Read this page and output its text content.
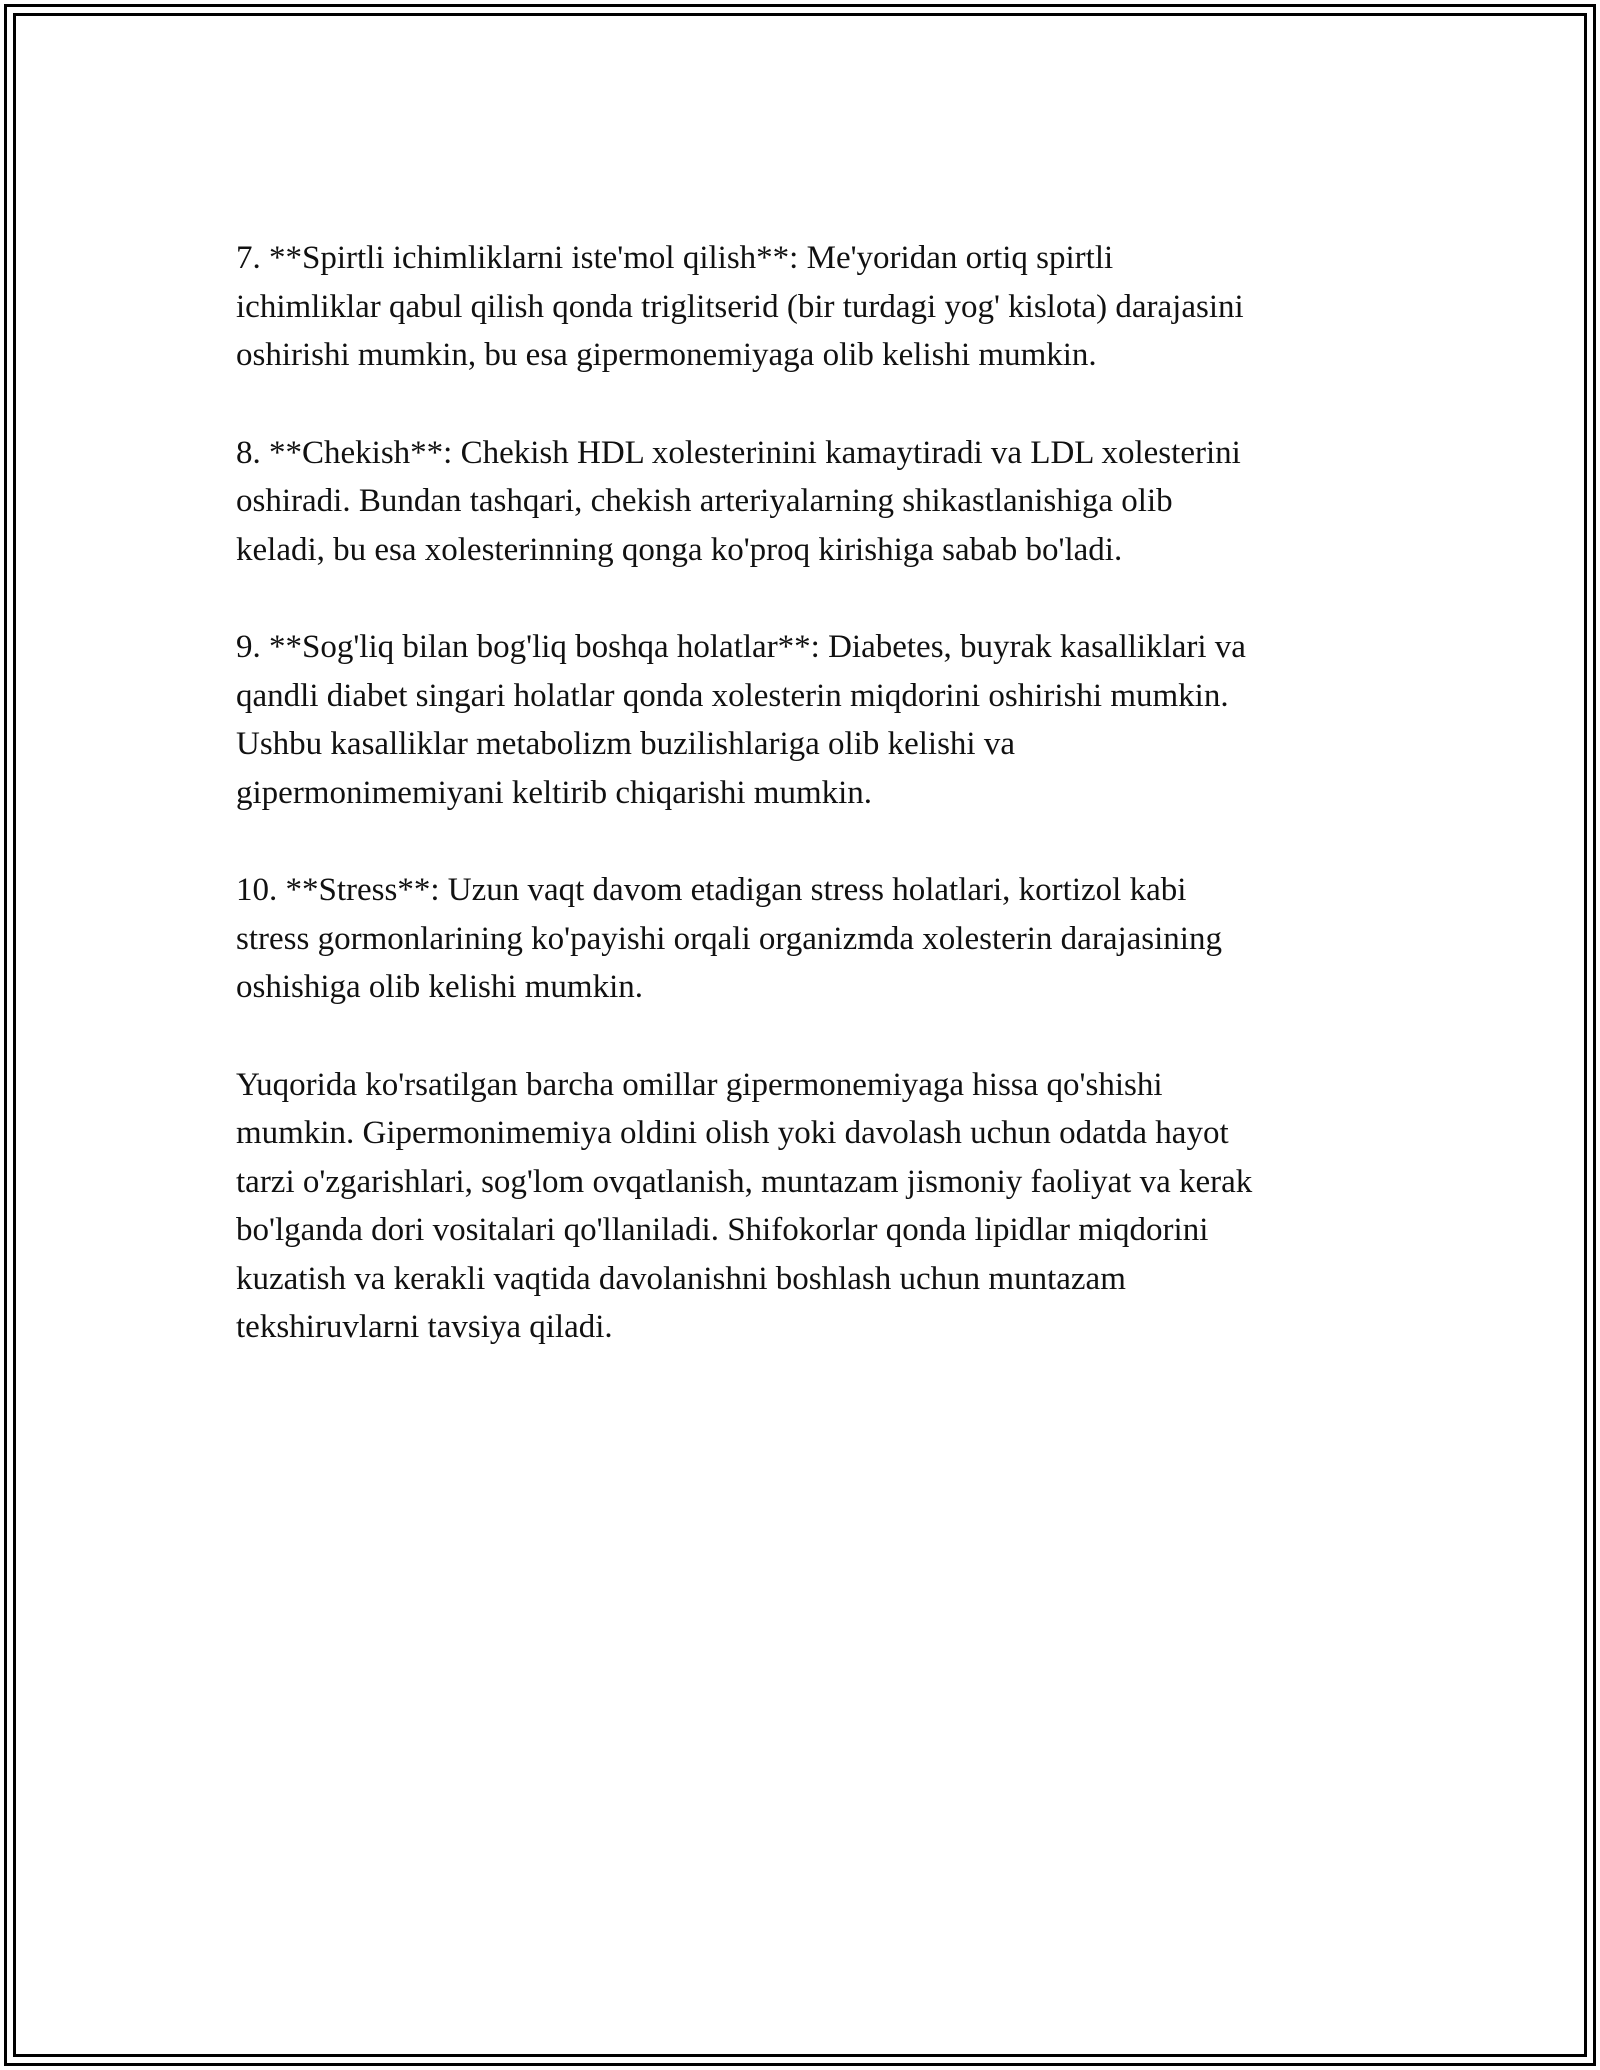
7. **Spirtli ichimliklarni iste'mol qilish**: Me'yoridan ortiq spirtli
ichimliklar qabul qilish qonda triglitserid (bir turdagi yog' kislota) darajasini
oshirishi mumkin, bu esa gipermonemiyaga olib kelishi mumkin.
8. **Chekish**: Chekish HDL xolesterinini kamaytiradi va LDL xolesterini
oshiradi. Bundan tashqari, chekish arteriyalarning shikastlanishiga olib
keladi, bu esa xolesterinning qonga ko'proq kirishiga sabab bo'ladi.
9. **Sog'liq bilan bog'liq boshqa holatlar**: Diabetes, buyrak kasalliklari va
qandli diabet singari holatlar qonda xolesterin miqdorini oshirishi mumkin.
Ushbu kasalliklar metabolizm buzilishlariga olib kelishi va
gipermonimemiyani keltirib chiqarishi mumkin.
10. **Stress**: Uzun vaqt davom etadigan stress holatlari, kortizol kabi
stress gormonlarining ko'payishi orqali organizmda xolesterin darajasining
oshishiga olib kelishi mumkin.
Yuqorida ko'rsatilgan barcha omillar gipermonemiyaga hissa qo'shishi
mumkin. Gipermonimemiya oldini olish yoki davolash uchun odatda hayot
tarzi o'zgarishlari, sog'lom ovqatlanish, muntazam jismoniy faoliyat va kerak
bo'lganda dori vositalari qo'llaniladi. Shifokorlar qonda lipidlar miqdorini
kuzatish va kerakli vaqtida davolanishni boshlash uchun muntazam
tekshiruvlarni tavsiya qiladi.
